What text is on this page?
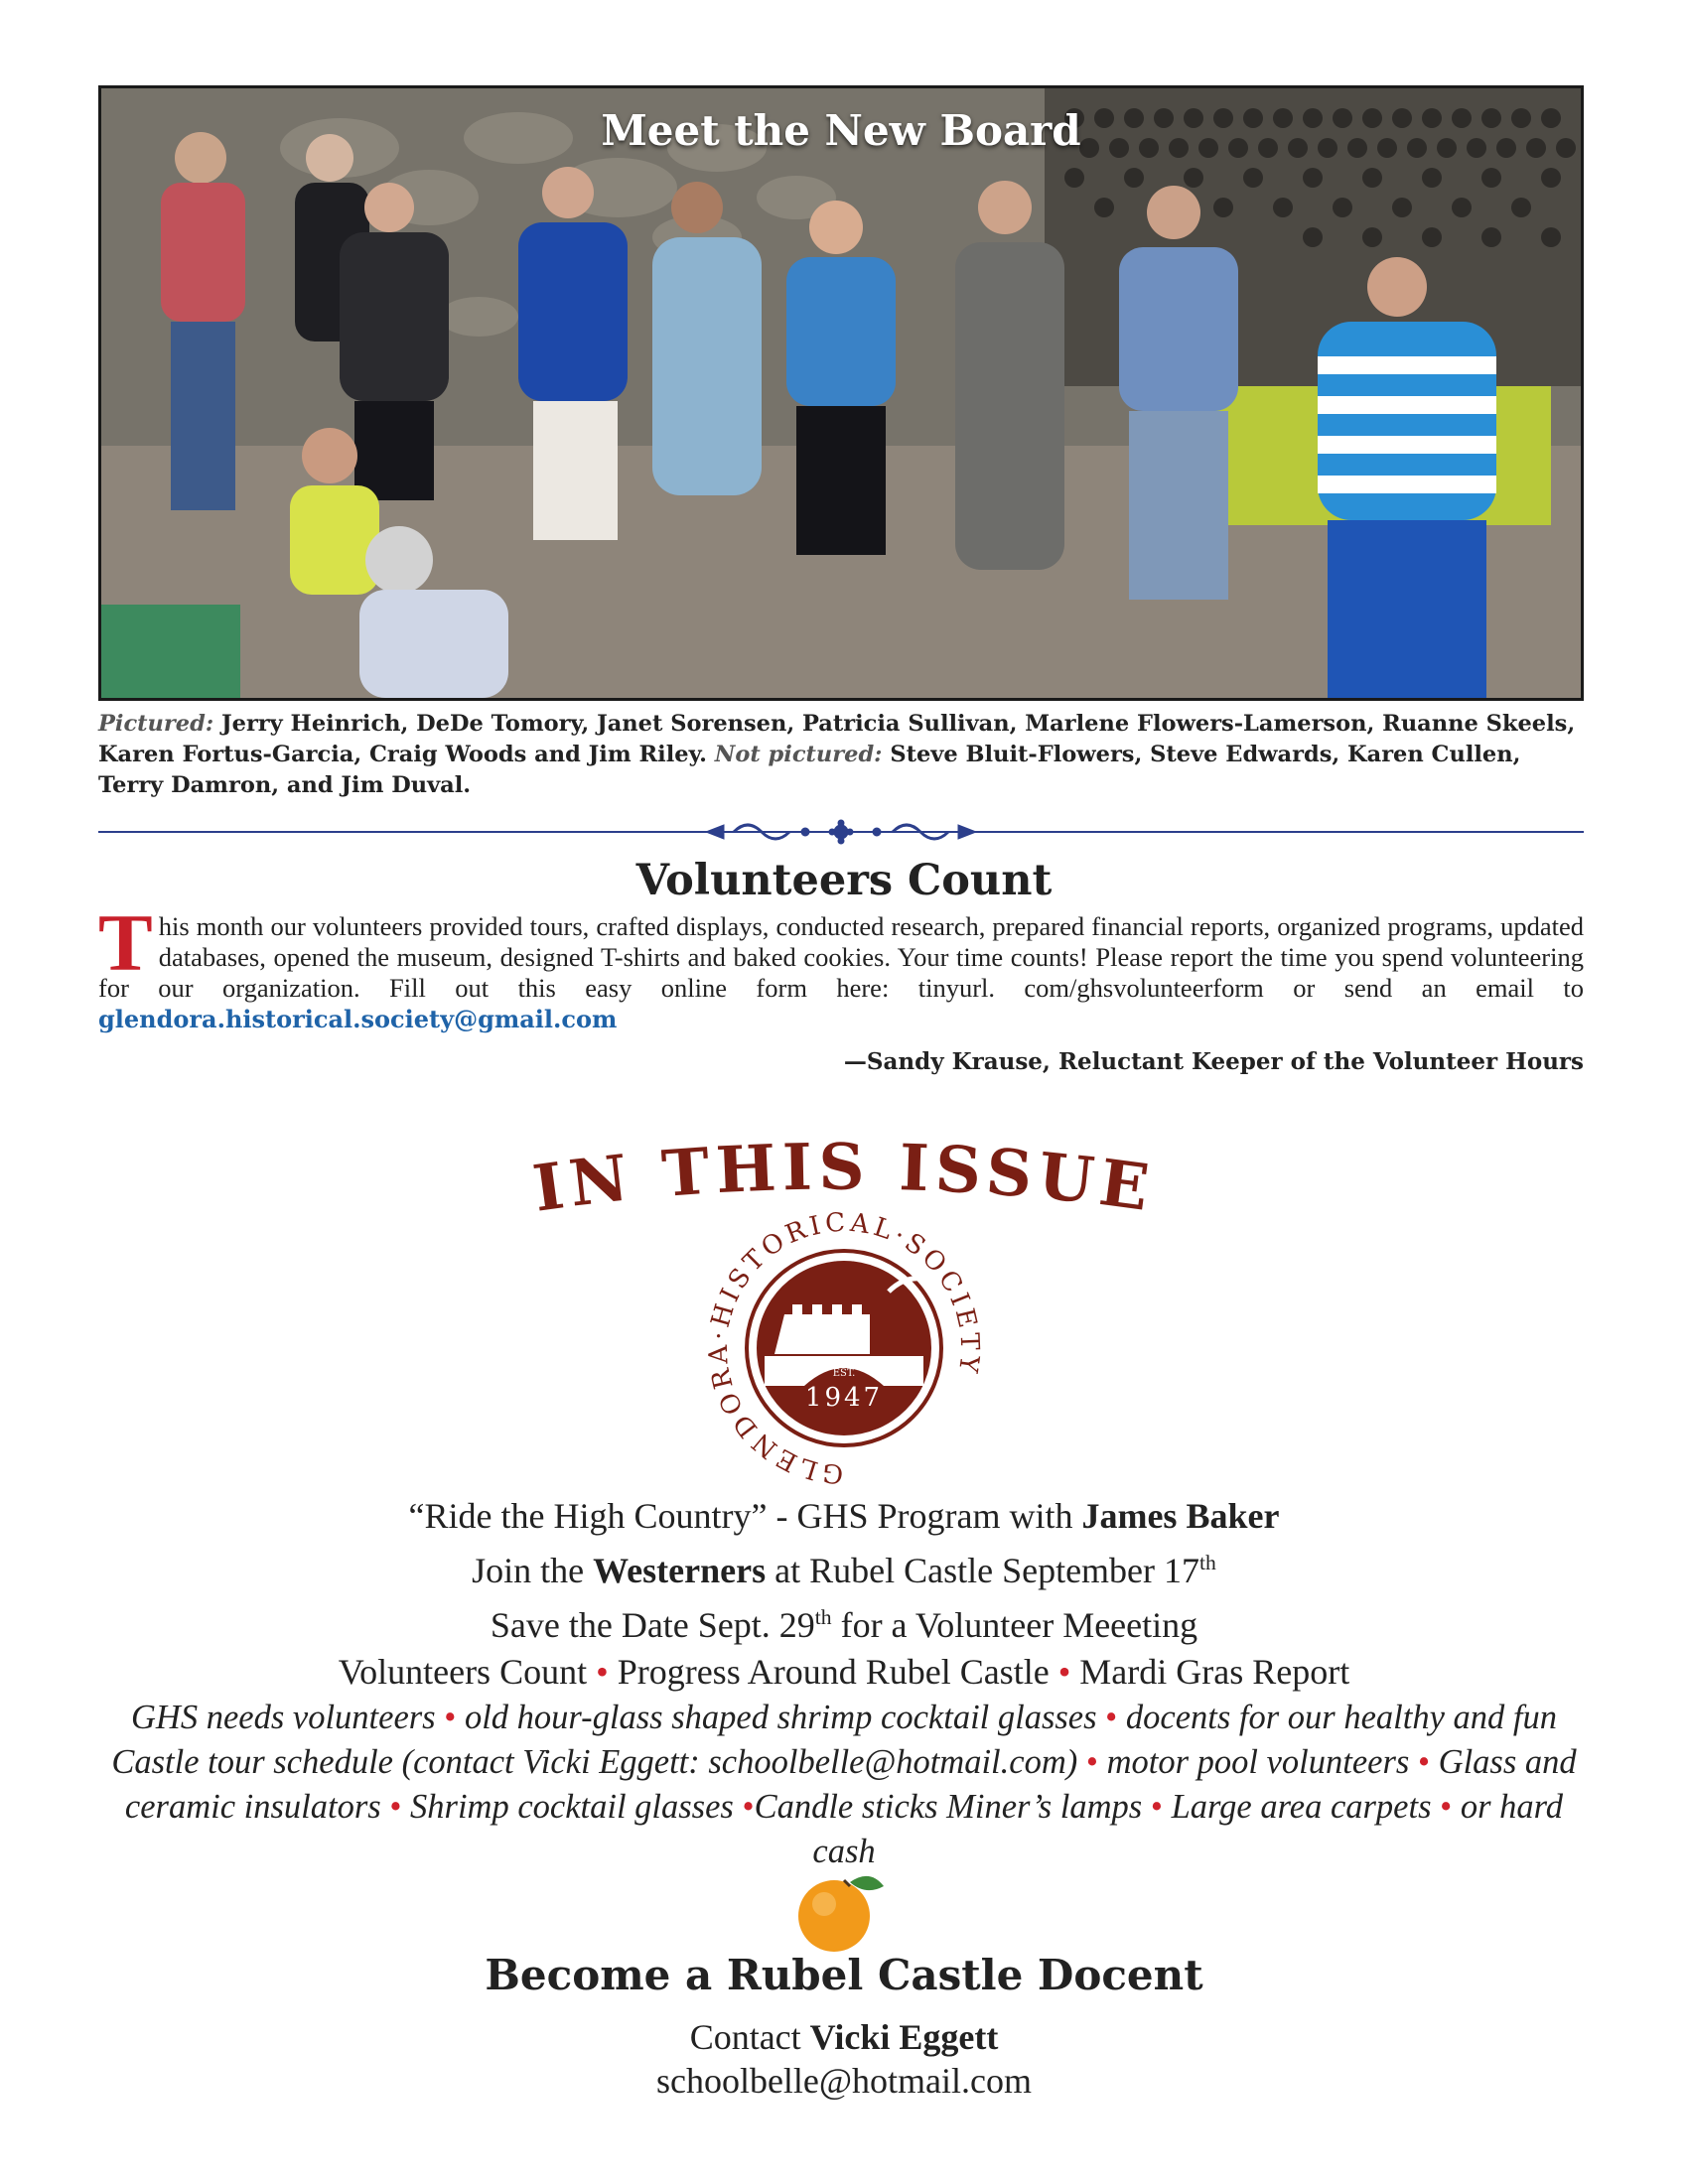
Meet the New Board
Pictured: Jerry Heinrich, DeDe Tomory, Janet Sorensen, Patricia Sullivan, Marlene Flowers-Lamerson, Ruanne Skeels, Karen Fortus-Garcia, Craig Woods and Jim Riley. Not pictured: Steve Bluit-Flowers, Steve Edwards, Karen Cullen, Terry Damron, and Jim Duval.
Volunteers Count
T his month our volunteers provided tours, crafted displays, conducted research, prepared financial reports, organized programs, updated databases, opened the museum, designed T-shirts and baked cookies. Your time counts! Please report the time you spend volunteering for our organization. Fill out this easy online form here: tinyurl. com/ghsvolunteerform or send an email to glendora.historical.society@gmail.com
—Sandy Krause, Reluctant Keeper of the Volunteer Hours
IN THIS ISSUE
EST.
1947
GLENDORA·HISTORICAL·SOCIETY
“Ride the High Country” - GHS Program with James Baker
Join the Westerners at Rubel Castle September 17th
Save the Date Sept. 29th for a Volunteer Meeeting
Volunteers Count • Progress Around Rubel Castle • Mardi Gras Report
GHS needs volunteers • old hour-glass shaped shrimp cocktail glasses • docents for our healthy and fun Castle tour schedule (contact Vicki Eggett: schoolbelle@hotmail.com) • motor pool volunteers • Glass and ceramic insulators • Shrimp cocktail glasses •Candle sticks Miner’s lamps • Large area carpets • or hard cash
Become a Rubel Castle Docent
Contact Vicki Eggett
schoolbelle@hotmail.com
